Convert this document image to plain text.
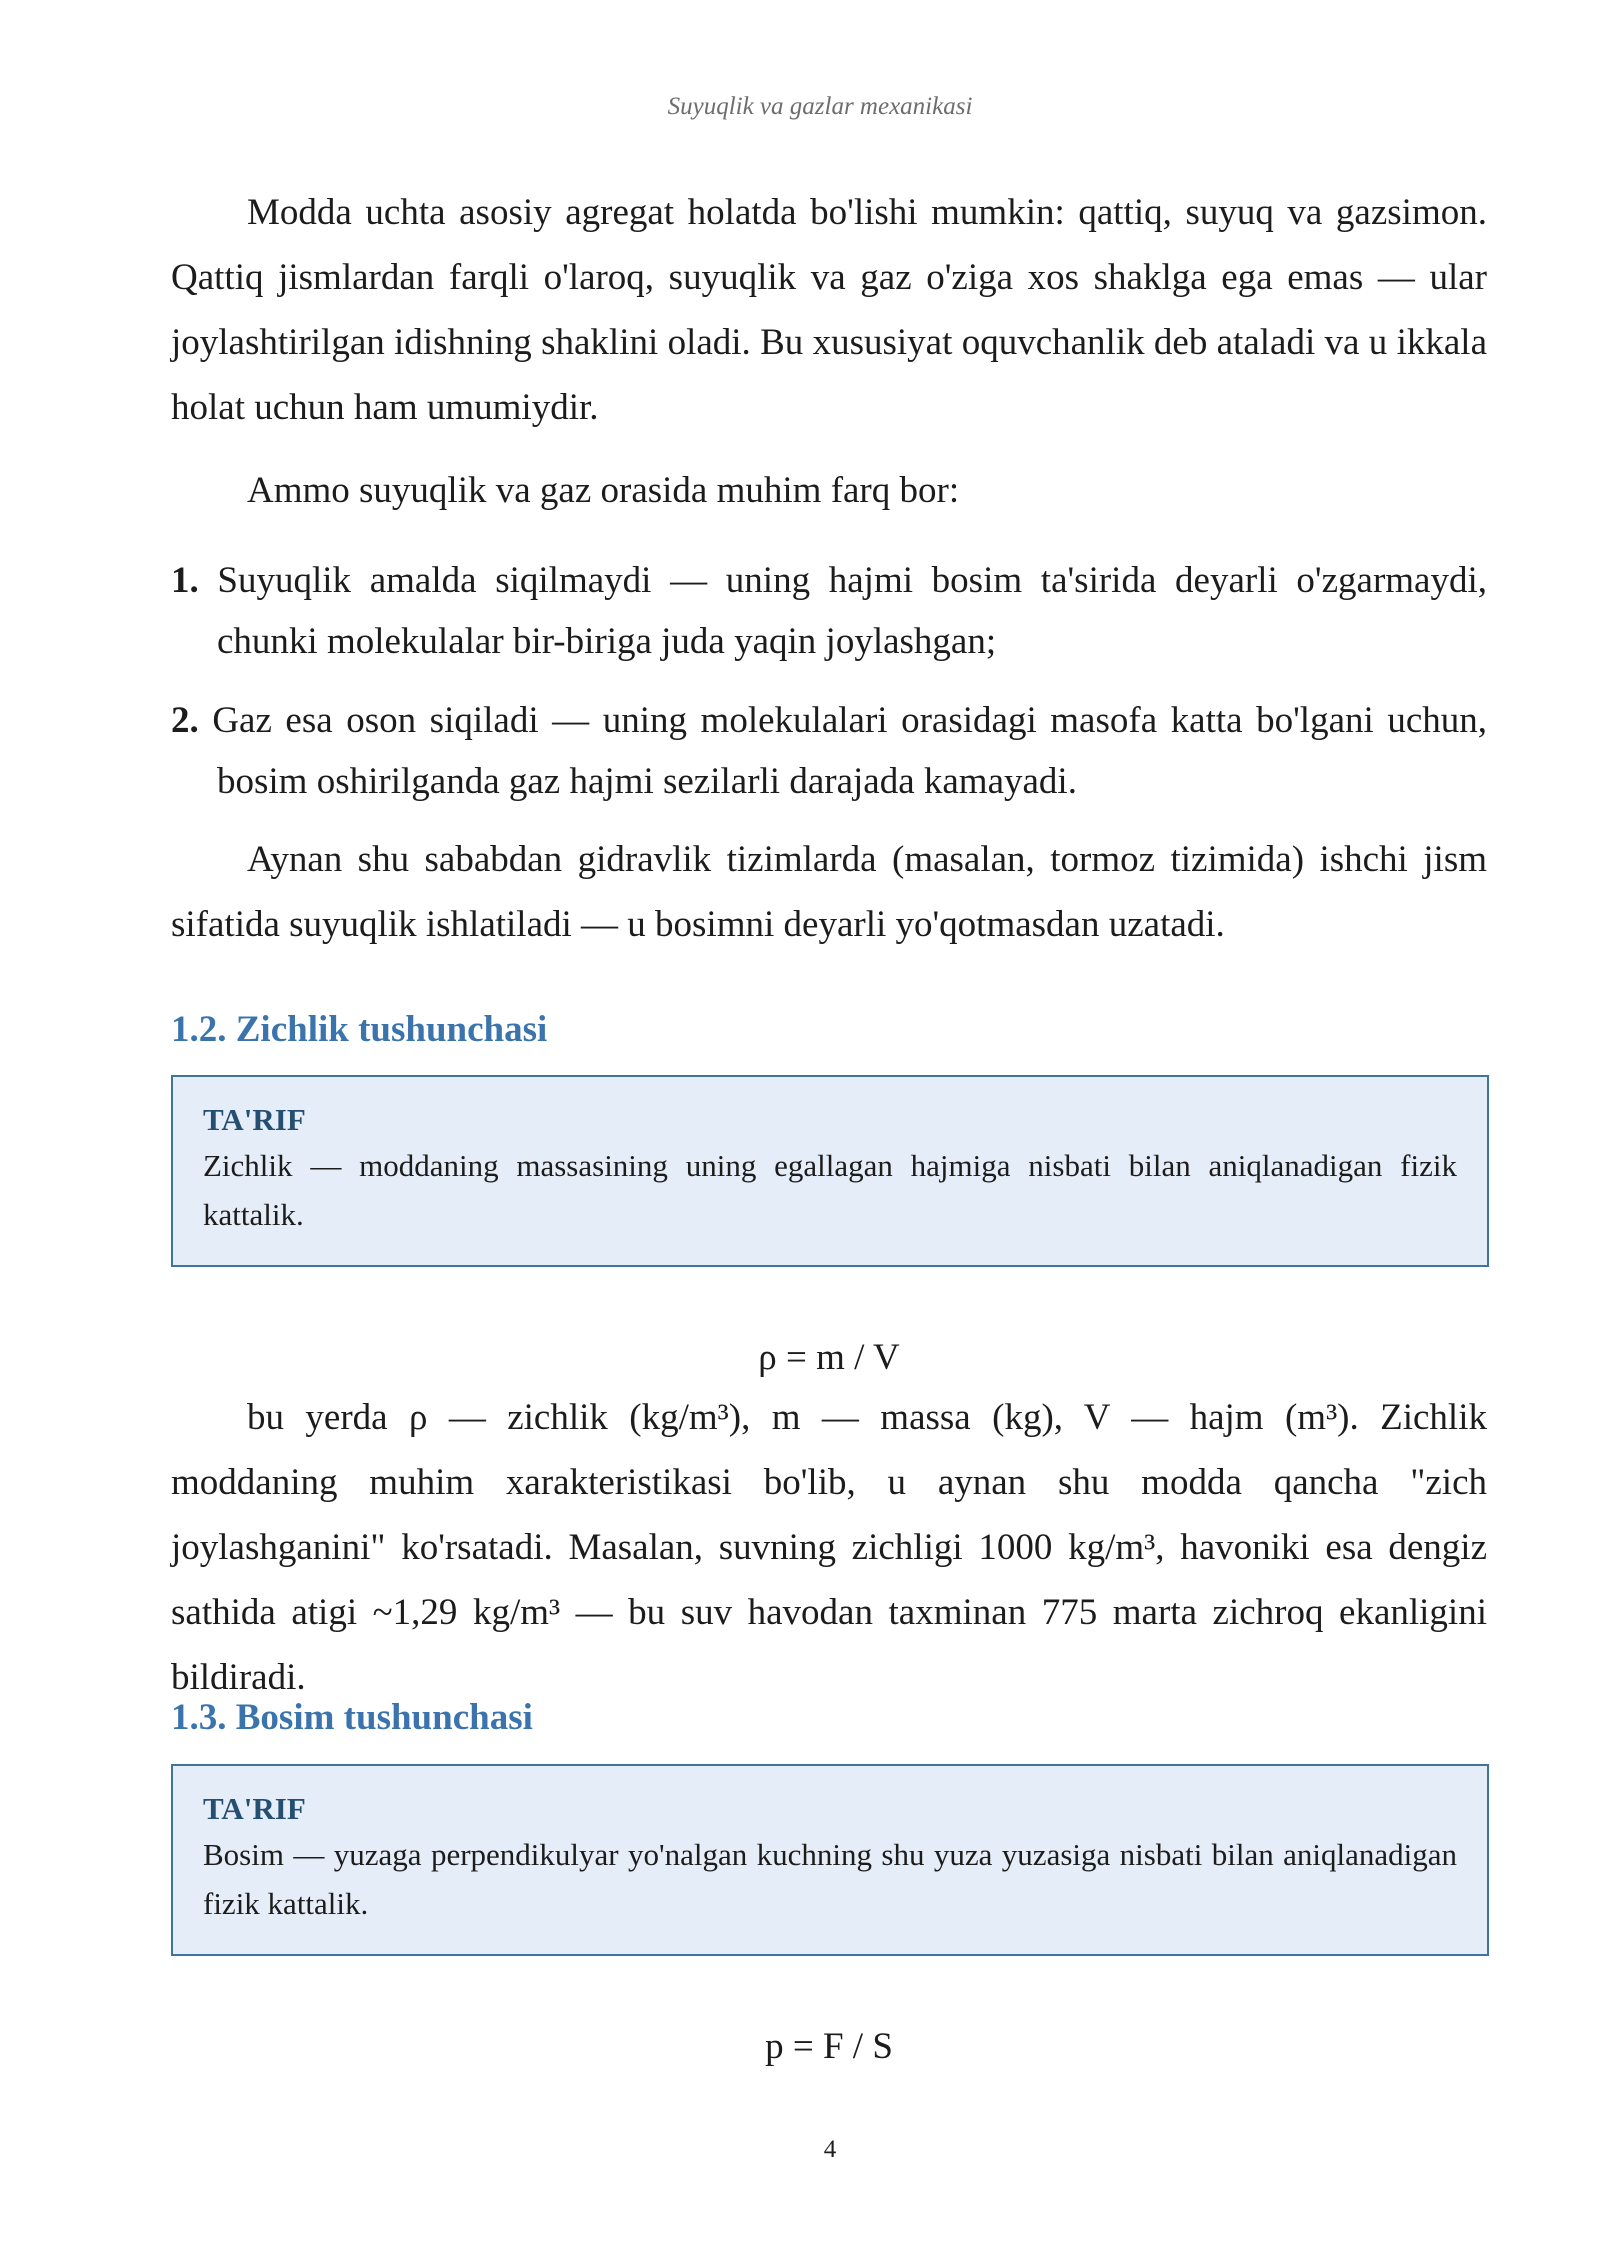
Suyuqlik va gazlar mexanikasi

Modda uchta asosiy agregat holatda bo'lishi mumkin: qattiq, suyuq va gazsimon. Qattiq jismlardan farqli o'laroq, suyuqlik va gaz o'ziga xos shaklga ega emas — ular joylashtirilgan idishning shaklini oladi. Bu xususiyat oquvchanlik deb ataladi va u ikkala holat uchun ham umumiydir.

Ammo suyuqlik va gaz orasida muhim farq bor:

1. Suyuqlik amalda siqilmaydi — uning hajmi bosim ta'sirida deyarli o'zgarmaydi, chunki molekulalar bir-biriga juda yaqin joylashgan;
2. Gaz esa oson siqiladi — uning molekulalari orasidagi masofa katta bo'lgani uchun, bosim oshirilganda gaz hajmi sezilarli darajada kamayadi.

Aynan shu sababdan gidravlik tizimlarda (masalan, tormoz tizimida) ishchi jism sifatida suyuqlik ishlatiladi — u bosimni deyarli yo'qotmasdan uzatadi.

1.2. Zichlik tushunchasi
TA'RIF
Zichlik — moddaning massasining uning egallagan hajmiga nisbati bilan aniqlanadigan fizik kattalik.
ρ = m / V

bu yerda ρ — zichlik (kg/m³), m — massa (kg), V — hajm (m³). Zichlik moddaning muhim xarakteristikasi bo'lib, u aynan shu modda qancha "zich joylashganini" ko'rsatadi. Masalan, suvning zichligi 1000 kg/m³, havoniki esa dengiz sathida atigi ~1,29 kg/m³ — bu suv havodan taxminan 775 marta zichroq ekanligini bildiradi.

1.3. Bosim tushunchasi
TA'RIF
Bosim — yuzaga perpendikulyar yo'nalgan kuchning shu yuza yuzasiga nisbati bilan aniqlanadigan fizik kattalik.
p = F / S
4
